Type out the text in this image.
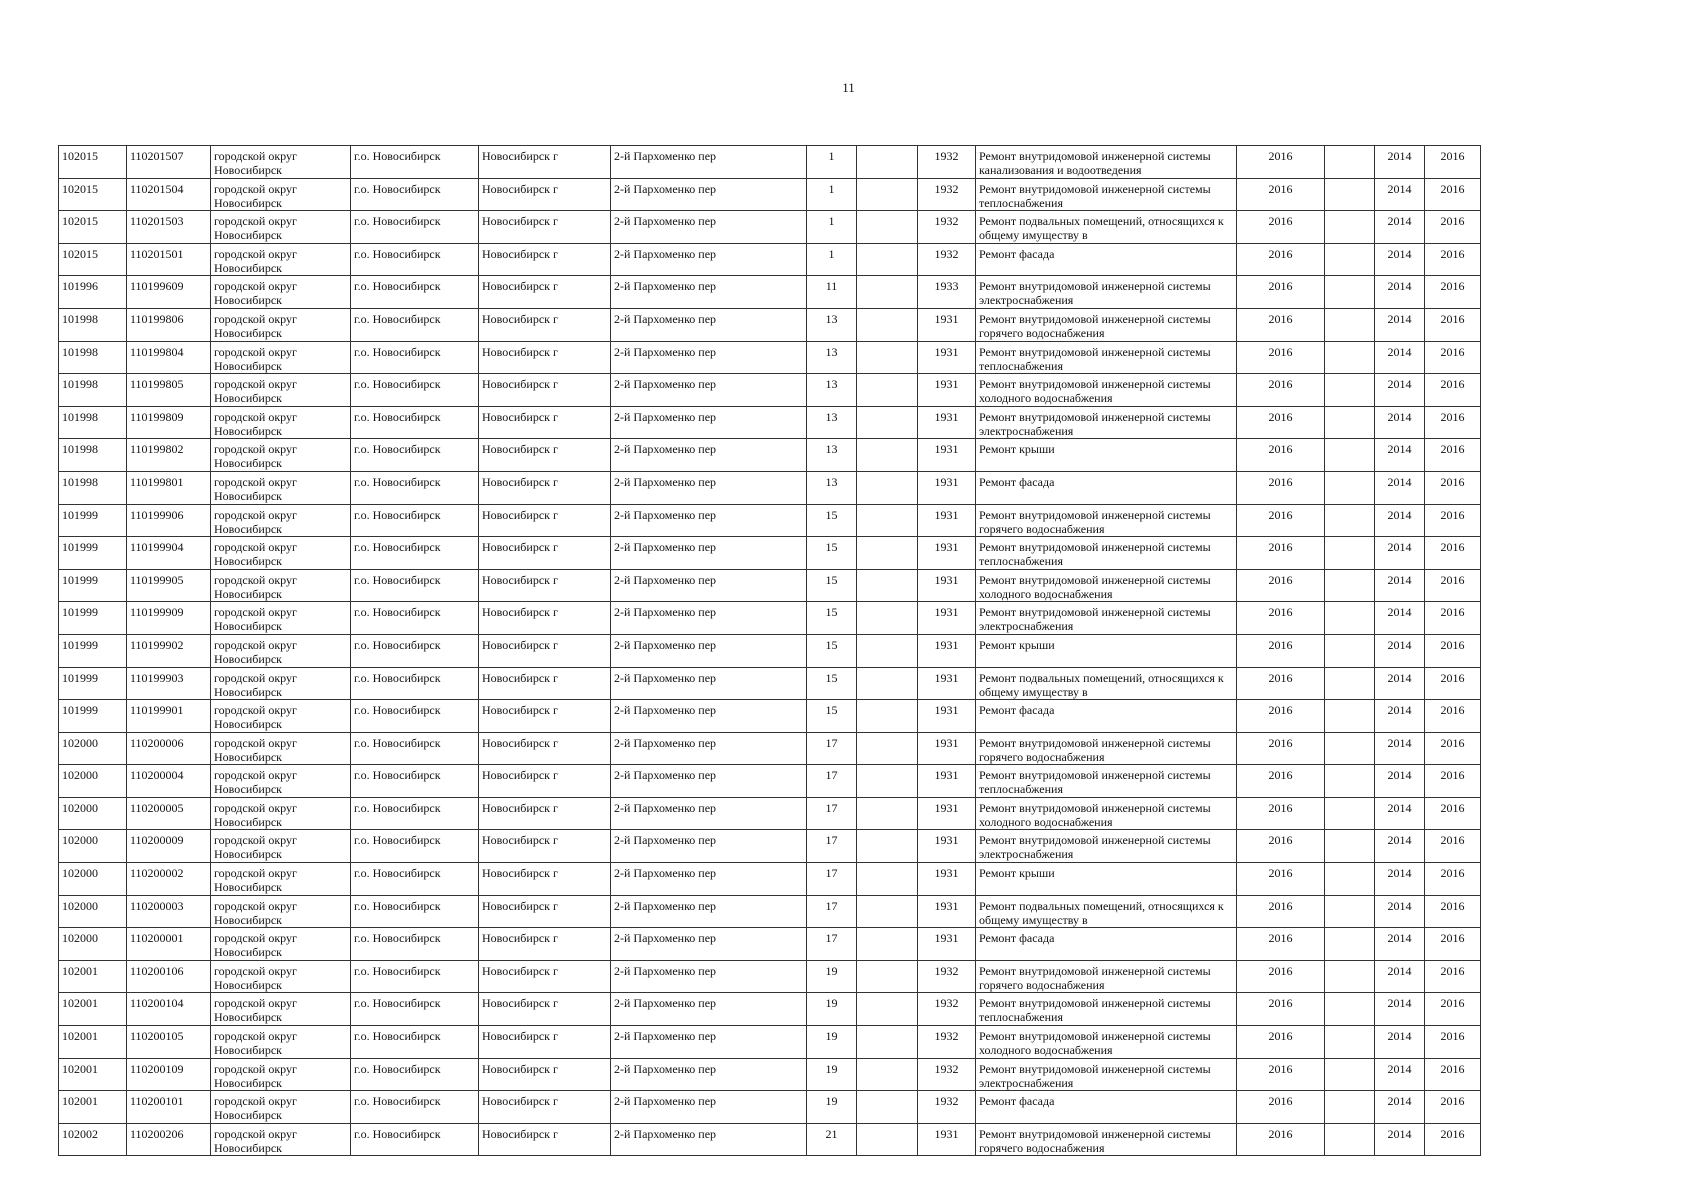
11
102015	110201507	городской округ Новосибирск	г.о. Новосибирск	Новосибирск г	2-й Пархоменко пер	1		1932	Ремонт внутридомовой инженерной системы канализования и водоотведения	2016		2014	2016
102015	110201504	городской округ Новосибирск	г.о. Новосибирск	Новосибирск г	2-й Пархоменко пер	1		1932	Ремонт внутридомовой инженерной системы теплоснабжения	2016		2014	2016
102015	110201503	городской округ Новосибирск	г.о. Новосибирск	Новосибирск г	2-й Пархоменко пер	1		1932	Ремонт подвальных помещений, относящихся к общему имуществу в	2016		2014	2016
102015	110201501	городской округ Новосибирск	г.о. Новосибирск	Новосибирск г	2-й Пархоменко пер	1		1932	Ремонт фасада	2016		2014	2016
101996	110199609	городской округ Новосибирск	г.о. Новосибирск	Новосибирск г	2-й Пархоменко пер	11		1933	Ремонт внутридомовой инженерной системы электроснабжения	2016		2014	2016
101998	110199806	городской округ Новосибирск	г.о. Новосибирск	Новосибирск г	2-й Пархоменко пер	13		1931	Ремонт внутридомовой инженерной системы горячего водоснабжения	2016		2014	2016
101998	110199804	городской округ Новосибирск	г.о. Новосибирск	Новосибирск г	2-й Пархоменко пер	13		1931	Ремонт внутридомовой инженерной системы теплоснабжения	2016		2014	2016
101998	110199805	городской округ Новосибирск	г.о. Новосибирск	Новосибирск г	2-й Пархоменко пер	13		1931	Ремонт внутридомовой инженерной системы холодного водоснабжения	2016		2014	2016
101998	110199809	городской округ Новосибирск	г.о. Новосибирск	Новосибирск г	2-й Пархоменко пер	13		1931	Ремонт внутридомовой инженерной системы электроснабжения	2016		2014	2016
101998	110199802	городской округ Новосибирск	г.о. Новосибирск	Новосибирск г	2-й Пархоменко пер	13		1931	Ремонт крыши	2016		2014	2016
101998	110199801	городской округ Новосибирск	г.о. Новосибирск	Новосибирск г	2-й Пархоменко пер	13		1931	Ремонт фасада	2016		2014	2016
101999	110199906	городской округ Новосибирск	г.о. Новосибирск	Новосибирск г	2-й Пархоменко пер	15		1931	Ремонт внутридомовой инженерной системы горячего водоснабжения	2016		2014	2016
101999	110199904	городской округ Новосибирск	г.о. Новосибирск	Новосибирск г	2-й Пархоменко пер	15		1931	Ремонт внутридомовой инженерной системы теплоснабжения	2016		2014	2016
101999	110199905	городской округ Новосибирск	г.о. Новосибирск	Новосибирск г	2-й Пархоменко пер	15		1931	Ремонт внутридомовой инженерной системы холодного водоснабжения	2016		2014	2016
101999	110199909	городской округ Новосибирск	г.о. Новосибирск	Новосибирск г	2-й Пархоменко пер	15		1931	Ремонт внутридомовой инженерной системы электроснабжения	2016		2014	2016
101999	110199902	городской округ Новосибирск	г.о. Новосибирск	Новосибирск г	2-й Пархоменко пер	15		1931	Ремонт крыши	2016		2014	2016
101999	110199903	городской округ Новосибирск	г.о. Новосибирск	Новосибирск г	2-й Пархоменко пер	15		1931	Ремонт подвальных помещений, относящихся к общему имуществу в	2016		2014	2016
101999	110199901	городской округ Новосибирск	г.о. Новосибирск	Новосибирск г	2-й Пархоменко пер	15		1931	Ремонт фасада	2016		2014	2016
102000	110200006	городской округ Новосибирск	г.о. Новосибирск	Новосибирск г	2-й Пархоменко пер	17		1931	Ремонт внутридомовой инженерной системы горячего водоснабжения	2016		2014	2016
102000	110200004	городской округ Новосибирск	г.о. Новосибирск	Новосибирск г	2-й Пархоменко пер	17		1931	Ремонт внутридомовой инженерной системы теплоснабжения	2016		2014	2016
102000	110200005	городской округ Новосибирск	г.о. Новосибирск	Новосибирск г	2-й Пархоменко пер	17		1931	Ремонт внутридомовой инженерной системы холодного водоснабжения	2016		2014	2016
102000	110200009	городской округ Новосибирск	г.о. Новосибирск	Новосибирск г	2-й Пархоменко пер	17		1931	Ремонт внутридомовой инженерной системы электроснабжения	2016		2014	2016
102000	110200002	городской округ Новосибирск	г.о. Новосибирск	Новосибирск г	2-й Пархоменко пер	17		1931	Ремонт крыши	2016		2014	2016
102000	110200003	городской округ Новосибирск	г.о. Новосибирск	Новосибирск г	2-й Пархоменко пер	17		1931	Ремонт подвальных помещений, относящихся к общему имуществу в	2016		2014	2016
102000	110200001	городской округ Новосибирск	г.о. Новосибирск	Новосибирск г	2-й Пархоменко пер	17		1931	Ремонт фасада	2016		2014	2016
102001	110200106	городской округ Новосибирск	г.о. Новосибирск	Новосибирск г	2-й Пархоменко пер	19		1932	Ремонт внутридомовой инженерной системы горячего водоснабжения	2016		2014	2016
102001	110200104	городской округ Новосибирск	г.о. Новосибирск	Новосибирск г	2-й Пархоменко пер	19		1932	Ремонт внутридомовой инженерной системы теплоснабжения	2016		2014	2016
102001	110200105	городской округ Новосибирск	г.о. Новосибирск	Новосибирск г	2-й Пархоменко пер	19		1932	Ремонт внутридомовой инженерной системы холодного водоснабжения	2016		2014	2016
102001	110200109	городской округ Новосибирск	г.о. Новосибирск	Новосибирск г	2-й Пархоменко пер	19		1932	Ремонт внутридомовой инженерной системы электроснабжения	2016		2014	2016
102001	110200101	городской округ Новосибирск	г.о. Новосибирск	Новосибирск г	2-й Пархоменко пер	19		1932	Ремонт фасада	2016		2014	2016
102002	110200206	городской округ Новосибирск	г.о. Новосибирск	Новосибирск г	2-й Пархоменко пер	21		1931	Ремонт внутридомовой инженерной системы горячего водоснабжения	2016		2014	2016
